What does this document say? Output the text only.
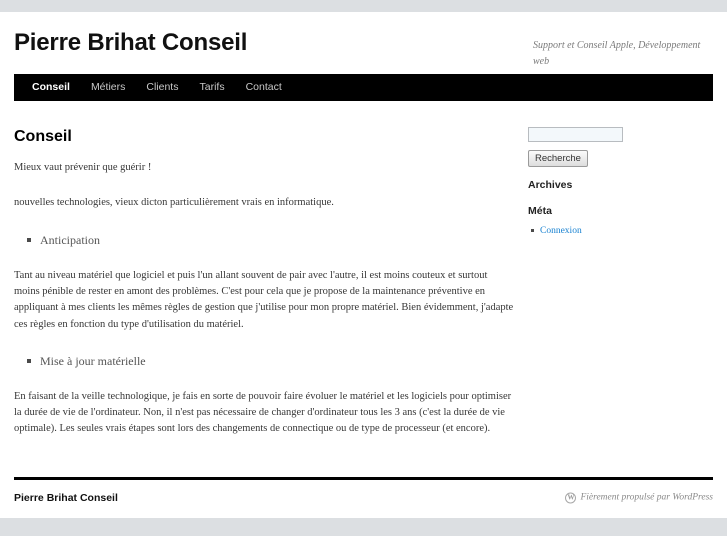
Pierre Brihat Conseil	Support et Conseil Apple, Développement web
Conseil Métiers Clients Tarifs Contact
Conseil

Mieux vaut prévenir que guérir !

nouvelles technologies, vieux dicton particulièrement vrais en informatique.

Anticipation

Tant au niveau matériel que logiciel et puis l'un allant souvent de pair avec l'autre, il est moins couteux et surtout moins pénible de rester en amont des problèmes. C'est pour cela que je propose de la maintenance préventive en appliquant à mes clients les mêmes règles de gestion que j'utilise pour mon propre matériel. Bien évidemment, j'adapte ces règles en fonction du type d'utilisation du matériel.

Mise à jour matérielle

En faisant de la veille technologique, je fais en sorte de pouvoir faire évoluer le matériel et les logiciels pour optimiser la durée de vie de l'ordinateur. Non, il n'est pas nécessaire de changer d'ordinateur tous les 3 ans (c'est la durée de vie optimale). Les seules vrais étapes sont lors des changements de connectique ou de type de processeur (et encore).

Recherche
Archives
Méta
Connexion
Pierre Brihat Conseil	W Fièrement propulsé par WordPress
